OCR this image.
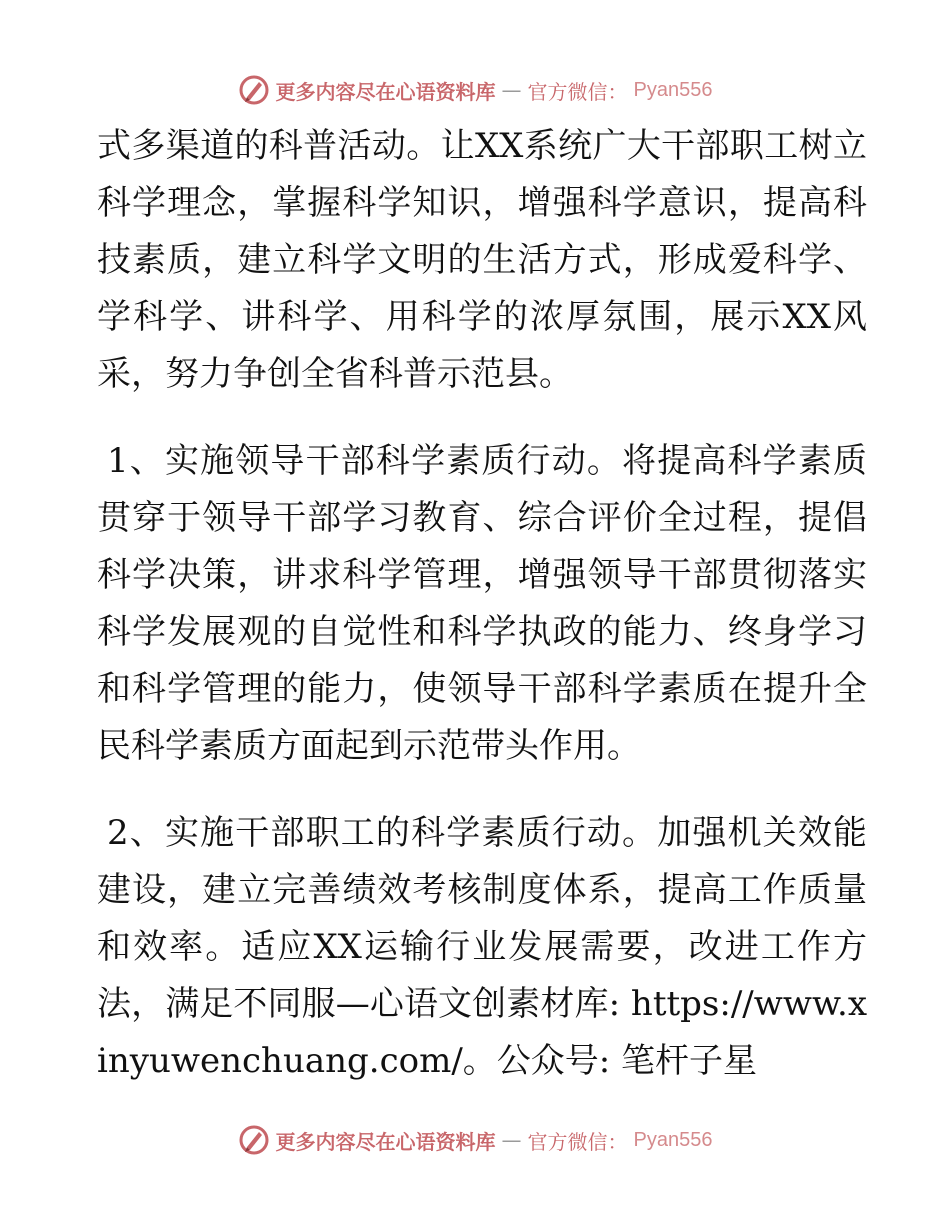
更多内容尽在心语资料库 — 官方微信： Pyan556

式多渠道的科普活动。让XX系统广大干部职工树立科学理念，掌握科学知识，增强科学意识，提高科技素质，建立科学文明的生活方式，形成爱科学、学科学、讲科学、用科学的浓厚氛围，展示XX风采，努力争创全省科普示范县。

1、实施领导干部科学素质行动。将提高科学素质贯穿于领导干部学习教育、综合评价全过程，提倡科学决策，讲求科学管理，增强领导干部贯彻落实科学发展观的自觉性和科学执政的能力、终身学习和科学管理的能力，使领导干部科学素质在提升全民科学素质方面起到示范带头作用。

2、实施干部职工的科学素质行动。加强机关效能建设，建立完善绩效考核制度体系，提高工作质量和效率。适应XX运输行业发展需要，改进工作方法，满足不同服—心语文创素材库: https://www.xinyuwenchuang.com/。公众号: 笔杆子星

更多内容尽在心语资料库 — 官方微信： Pyan556
